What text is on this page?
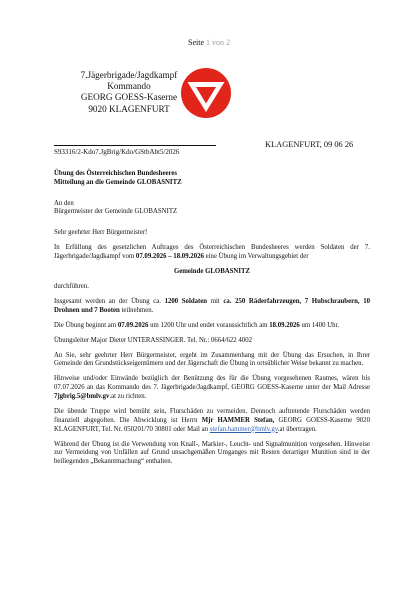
Seite 1 von 2
7.Jägerbrigade/Jagdkampf
Kommando
GEORG GOESS-Kaserne
9020 KLAGENFURT
KLAGENFURT, 09 06 26
S93316/2-Kdo7.JgBrig/Kdo/GStbAbt5/2026

Übung des Österreichischen Bundesheeres
Mitteilung an die Gemeinde GLOBASNITZ

An den
Bürgermeister der Gemeinde GLOBASNITZ

Sehr geehrter Herr Bürgermeister!

In Erfüllung des gesetzlichen Auftrages des Österreichischen Bundesheeres werden Soldaten der 7. Jägerbrigade/Jagdkampf vom 07.09.2026 – 18.09.2026 eine Übung im Verwaltungsgebiet der

Gemeinde GLOBASNITZ

durchführen.

Insgesamt werden an der Übung ca. 1200 Soldaten mit ca. 250 Räderfahrzeugen, 7 Hubschraubern, 10 Drohnen und 7 Booten teilnehmen.

Die Übung beginnt am 07.09.2026 um 1200 Uhr und endet voraussichtlich am 18.09.2026 um 1400 Uhr.

Übungsleiter Major Dieter UNTERASSINGER. Tel. Nr.: 0664/622 4002

An Sie, sehr geehrter Herr Bürgermeister, ergeht im Zusammenhang mit der Übung das Ersuchen, in Ihrer Gemeinde den Grundstückseigentümern und der Jägerschaft die Übung in ortsüblicher Weise bekannt zu machen.

Hinweise und/oder Einwände bezüglich der Benützung des für die Übung vorgesehenen Raumes, wären bis 07.07.2026 an das Kommando des 7. Jägerbrigade/Jagdkampf, GEORG GOESS-Kaserne unter der Mail Adresse 7jgbrig.5@bmlv.gv.at zu richten.

Die übende Truppe wird bemüht sein, Flurschäden zu vermeiden. Dennoch auftretende Flurschäden werden finanziell abgegolten. Die Abwicklung ist Herrn Mjr HAMMER Stefan, GEORG GOESS-Kaserne 9020 KLAGENFURT, Tel. Nr. 050201/70 30801 oder Mail an stefan.hammer@bmlv.gv.at übertragen.

Während der Übung ist die Verwendung von Knall-, Markier-, Leucht- und Signalmunition vorgesehen. Hinweise zur Vermeidung von Unfällen auf Grund unsachgemäßen Umganges mit Resten derartiger Munition sind in der beiliegenden „Bekanntmachung“ enthalten.
